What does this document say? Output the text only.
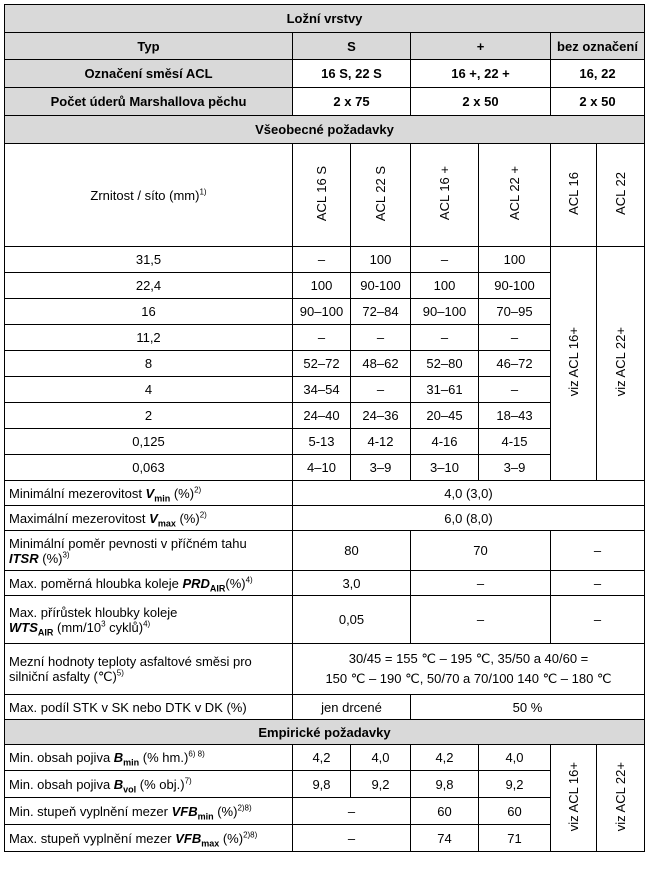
Ložní vrstvy						
Typ	S		+		bez označení	
Označení směsí ACL	16 S, 22 S		16 +, 22 +		16, 22	
Počet úderů Marshallova pěchu	2 x 75		2 x 50		2 x 50	
Všeobecné požadavky						
Zrnitost / síto (mm)$^{1)}$	ACL 16 S	ACL 22 S	ACL 16 +	ACL 22 +	ACL 16	ACL 22
31,5	–	100	–	100	viz ACL 16+	viz ACL 22+
22,4	100	90-100	100	90-100		
16	90–100	72–84	90–100	70–95		
11,2	–	–	–	–		
8	52–72	48–62	52–80	46–72		
4	34–54	–	31–61	–		
2	24–40	24–36	20–45	18–43		
0,125	5-13	4-12	4-16	4-15		
0,063	4–10	3–9	3–10	3–9		
Minimální mezerovitost $V_{min}$ (%)$^{2)}$	4,0 (3,0)					
Maximální mezerovitost $V_{max}$ (%)$^{2)}$	6,0 (8,0)					
Minimální poměr pevnosti v příčném tahu
ITSR (%)$^{3)}$	80		70		–	
Max. poměrná hloubka koleje $PRD_{AIR}(\%)^{4)}$	3,0		–		–	
Max. přírůstek hloubky koleje
$WTS_{AIR}$ ($mm/10^3$ cyklů)$^{4)}$	0,05		–		–	
Mezní hodnoty teploty asfaltové směsi pro
silniční asfalty (℃)$^{5)}$	30/45 = 155 ℃ – 195 ℃, 35/50 a 40/60 =
150 ℃ – 190 ℃, 50/70 a 70/100 140 ℃ – 180 ℃					

Max. podíl STK v SK nebo DTK v DK (%)	jen drcené		50 %			
Empirické požadavky						
Min. obsah pojiva $B_{min}$ (% hm.)$^{6) 8)}$	4,2	4,0	4,2	4,0	viz ACL 16+	viz ACL 22+
Min. obsah pojiva $B_{vol}$ (% obj.)$^{7)}$	9,8	9,2	9,8	9,2		
Min. stupeň vyplnění mezer $VFB_{min}$ (%)$^{2)8)}$	–		60	60		
Max. stupeň vyplnění mezer $VFB_{max}$ (%)$^{2)8)}$	–		74	71		
